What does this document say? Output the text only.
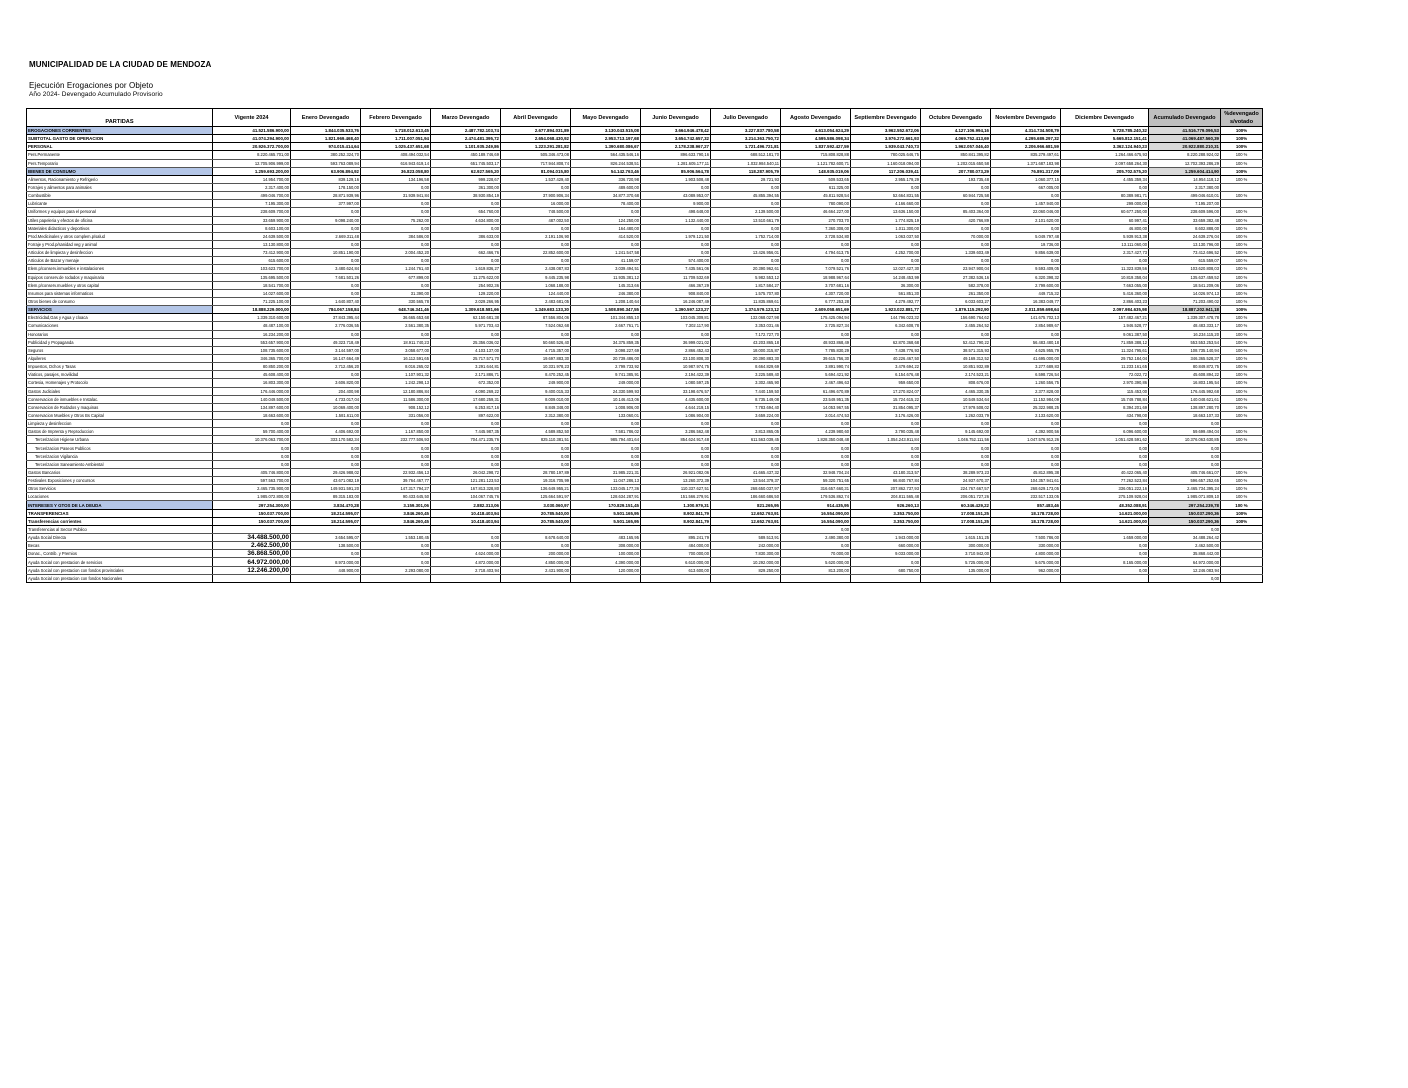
MUNICIPALIDAD DE LA CIUDAD DE MENDOZA
Ejecución Erogaciones por Objeto
Año 2024- Devengado Acumulado Provisorio
PARTIDAS	Vigente 2024	Enero Devengado	Febrero Devengado	Marzo Devengado	Abril Devengado	Mayo Devengado	Junio Devengado	Julio Devengado	Agosto Devengado	Septiembre Devengado	Octubre Devengado	Noviembre Devengado	Diciembre Devengado	Acumulado Devengado	%devengado s/votado
EROGACIONES CORRIENTES	41.521.586.900,00	1.844.035.533,76	1.718.012.613,45	2.487.782.103,74	2.677.894.031,89	3.130.043.515,08	3.664.946.478,42	3.227.837.780,58	4.613.054.624,29	3.962.552.672,06	4.127.106.994,16	4.314.734.508,79	5.728.785.240,32	41.516.779.096,53	100%
SUBTOTAL GASTO DE OPERACION	41.074.294.900,00	1.821.969.468,40	1.711.007.051,94	2.474.481.395,72	2.654.068.430,92	2.953.713.197,68	3.654.742.657,32	3.214.363.750,72	4.595.586.098,34	3.976.272.661,93	4.069.752.413,69	4.295.689.297,32	5.665.812.151,41	41.069.487.560,39	100%
PERSONAL	20.926.372.700,00	974.015.414,64	1.025.437.651,68	1.101.935.249,86	1.223.291.281,82	1.390.680.086,67	2.178.238.967,27	1.721.496.721,81	1.837.592.427,59	1.939.043.740,73	1.962.057.046,40	2.206.966.681,59	3.362.124.940,23	20.922.880.210,31	100%
Pers.Permanente	8.220.465.701,00	380.252.324,70	408.494.032,54	450.189.746,69	505.346.473,08	564.435.546,16	896.633.790,16	688.512.181,70	715.808.828,88	780.025.646,75	850.841.395,82	835.279.497,61	1.264.466.675,93	8.220.288.924,02	100 %
Pers.Temporario	12.705.906.999,00	593.763.089,94	616.943.619,14	651.745.503,17	717.944.808,74	826.244.538,51	1.281.605.177,11	1.032.984.540,11	1.121.782.600,71	1.160.018.094,00	1.202.015.650,58	1.371.687.183,98	2.097.658.264,30	12.702.393.286,29	100 %
BIENES DE CONSUMO	1.259.693.200,00	63.906.894,92	36.823.058,80	62.927.565,20	81.094.015,80	54.142.763,46	85.906.564,78	118.287.905,79	148.935.019,06	117.206.039,41	207.780.073,29	76.891.317,09	205.702.575,20	1.259.604.414,90	100%
Alimentos, Racionamiento y Refrigerio	14.954.700,00	839.129,16	134.196,58	999.228,67	1.537.429,40	336.720,98	1.903.508,48	29.721,93	509.533,65	2.955.179,29	193.735,48	1.060.377,15	4.455.359,34	14.954.118,12	100 %
Forrajes y alimentos para animales	2.317.400,00	178.150,00	0,00	361.300,00	0,00	489.600,00	0,00	0,00	611.325,00	0,00	0,00	667.005,00	0,00	2.317.380,00	
Combustible	499.046.700,00	28.871.939,96	31.939.941,84	38.930.854,19	37.900.906,34	34.877.370,68	43.089.953,07	45.855.394,55	45.811.928,54	52.664.831,55	60.944.725,58	0,00	80.389.981,71	499.046.610,01	100 %
Lubricante	7.195.300,00	377.997,00	0,00	0,00	16.000,00	78.400,00	9.900,00	0,00	780.090,00	4.166.660,00	0,00	1.457.940,00	299.000,00	7.195.207,00	
Uniformes y equipos para el personal	238.609.700,00	0,00	0,00	654.760,00	748.500,00	0,00	498.648,00	2.139.500,00	46.664.227,00	13.636.150,00	85.403.364,00	22.060.046,00	60.677.250,00	238.609.596,00	100 %
Utiles papeleria y efectos de oficina	33.659.900,00	9.098.240,00	75.262,00	4.634.800,00	487.002,50	124.250,00	1.132.440,00	13.510.661,79	270.703,70	1.774.825,19	420.766,89	2.101.620,00	60.997,41	33.659.382,48	100 %
Materiales didacticos y deportivos	8.603.100,00	0,00	0,00	0,00	0,00	164.480,00	0,00	0,00	7.360.308,00	1.011.300,00	0,00	0,00	46.800,00	8.602.888,00	100 %
Prod.Medicinales y otros complem.p/salud	24.639.500,00	2.669.311,48	384.586,00	386.633,00	2.191.106,90	414.520,00	1.979.121,50	1.752.714,00	2.728.534,80	1.063.037,50	70.000,00	5.049.797,48	5.939.913,38	24.639.276,04	100 %
Forraje y Prod.p/sanidad veg y animal	13.130.800,00	0,00	0,00	0,00	0,00	0,00	0,00	0,00	0,00	0,00	0,00	19.736,00	13.111.060,00	13.130.796,00	100 %
Articulos de limpieza y desinfeccion	73.412.900,00	10.851.190,00	2.004.452,20	662.466,76	22.852.600,00	1.241.547,58	0,00	13.426.956,01	4.794.613,75	4.252.700,00	1.339.603,49	9.856.639,00	2.317.427,73	73.412.696,52	100 %
Articulos de Bazar y menaje	615.600,00	0,00	0,00	0,00	0,00	41.159,07	574.400,00	0,00	0,00	0,00	0,00	0,00	0,00	615.559,07	100 %
Elem.p/conserv.inmuebles e instalaciones	103.623.700,00	3.480.624,84	1.244.761,40	1.619.836,27	2.438.087,83	3.039.494,51	7.435.561,06	20.390.962,61	7.079.521,76	12.027.427,30	23.947.900,04	9.593.409,05	11.323.839,56	103.620.808,03	100 %
Equipos conserv.de rodados y maquinaria	135.695.500,00	7.681.501,26	677.899,00	11.275.622,00	9.445.235,98	11.935.381,12	11.709.532,69	5.982.553,12	18.988.967,64	14.248.453,99	27.382.536,16	6.320.398,32	10.819.358,04	135.637.459,52	100 %
Elem.p/conserv.muebles y otros capital	18.541.700,00	0,00	0,00	254.902,36	1.068.188,00	145.313,66	466.367,29	1.817.584,27	3.707.681,16	36.300,00	582.378,00	2.799.600,00	7.663.055,00	18.541.209,06	100 %
Insumos para sistemas informaticos	14.027.600,00	0,00	31.390,00	129.220,00	124.440,00	246.380,00	908.840,00	1.575.707,80	4.307.720,00	561.851,30	261.350,00	449.715,32	5.416.360,00	14.026.974,13	100 %
Otros bienes de consumo	71.225.100,00	1.640.807,40	330.565,78	2.029.266,95	2.483.681,05	1.208.140,64	16.246.087,49	11.835.869,61	6.777.253,28	4.279.492,77	6.033.603,27	16.383.049,77	2.866.403,23	71.203.490,02	100 %
SERVICIOS	18.888.229.000,00	784.067.158,84	648.746.341,46	1.309.618.581,66	1.349.683.133,30	1.508.890.347,55	1.390.597.123,27	1.374.579.123,12	2.609.058.651,69	1.923.022.881,77	1.879.115.292,90	2.011.859.698,64	2.097.984.635,98	18.887.202.941,18	100%
Electricidad,Gas y Agua y cloaca	1.339.310.600,00	37.843.395,44	36.665.653,68	62.150.681,38	87.556.804,06	101.344.855,10	103.045.309,81	132.068.027,98	175.425.094,94	144.796.023,32	156.690.764,62	141.675.702,13	157.482.467,21	1.339.307.478,78	100 %
Comunicaciones	48.487.100,00	2.776.036,55	2.561.380,35	5.971.703,43	7.524.062,68	2.667.761,71	7.302.117,90	3.353.031,46	2.725.827,34	6.342.608,78	2.455.264,52	2.854.989,67	1.946.528,77	48.483.333,17	100 %
Honorarios	16.234.200,00	0,00	0,00	0,00	0,00	0,00	0,00	7.172.727,70	0,00	0,00	0,00	0,00	9.061.387,50	16.234.115,20	100 %
Publicidad y Propaganda	553.657.900,00	49.323.718,49	18.911.740,23	25.356.036,02	50.660.526,40	34.375.859,35	36.999.021,02	43.203.865,18	48.933.868,49	62.870.368,68	52.412.790,22	56.483.480,18	71.859.388,12	553.553.253,54	100 %
Seguros	108.735.600,00	3.144.597,00	3.058.677,00	4.103.137,00	4.715.357,00	3.098.227,69	2.866.452,43	18.000.315,87	7.785.830,29	7.438.776,93	38.571.315,93	4.625.955,79	11.324.795,61	108.735.140,94	100 %
Alquileres	346.365.700,00	16.147.664,49	16.112.591,65	25.717.571,70	19.697.883,30	20.739.486,00	23.100.808,30	20.390.883,30	39.615.756,30	40.226.467,50	49.169.312,52	41.695.000,00	29.752.184,04	346.365.528,37	100 %
Impuestos, Dchos y Tasas	80.850.200,00	2.712.456,20	8.016.265,02	3.291.644,81	10.331.978,23	2.799.733,92	10.987.974,75	8.664.829,69	3.891.990,74	3.479.694,22	10.851.932,89	3.277.689,83	11.233.161,65	80.849.872,75	100 %
Viaticos, pasajes, movilidad	45.608.400,00	0,00	1.107.901,32	2.171.886,71	8.470.252,45	9.741.385,91	2.194.422,39	3.225.589,40	5.694.421,92	6.154.676,48	2.174.523,21	6.598.726,54	72.022,72	45.608.894,22	100 %
Cortesia, Homenajes y Protocolo	16.803.300,00	3.606.820,00	1.242.298,13	672.352,00	249.900,00	249.000,00	1.080.597,25	3.302.465,90	2.467.496,63	959.650,00	808.676,00	1.260.556,75	2.970.390,86	16.803.195,54	100 %
Gastos Judiciales	176.446.000,00	204.400,98	12.180.886,84	4.090.269,22	9.400.015,33	24.330.599,93	33.198.676,57	7.440.159,50	61.496.670,89	17.270.824,07	4.465.330,35	2.377.828,00	115.453,00	176.445.992,68	100 %
Conservacion de inmuebles e Instalac.	140.049.500,00	4.733.017,04	11.586.300,00	17.680.259,31	8.009.010,00	10.146.413,06	4.435.600,00	8.735.149,08	23.549.951,35	15.724.615,22	10.549.534,64	11.152.984,09	15.749.788,84	140.048.621,61	100 %
Conservacion de Rodados y maquinas	134.897.600,00	10.069.400,00	908.152,12	6.253.817,16	8.849.348,00	1.008.906,00	4.644.219,15	7.783.694,40	14.053.967,55	31.854.095,37	17.979.508,02	25.322.988,25	8.394.201,69	138.897.280,70	100 %
Conservacion Muebles y Otros Bs Capital	18.663.600,00	1.581.611,00	331.056,00	897.622,00	2.312.380,00	133.060,01	1.086.904,00	3.659.224,00	2.014.474,53	3.176.426,00	1.262.033,79	2.133.620,00	434.798,00	18.663.107,33	100 %
Limpieza y desinfeccion	0,00	0,00	0,00	0,00	0,00	0,00	0,00	0,00	0,00	0,00	0,00	0,00	0,00	0,00	
Gastos de Imprenta y Reproduccion	59.700.400,00	4.406.692,00	1.167.850,00	7.445.987,35	4.589.852,50	7.581.786,02	3.286.562,48	3.813.865,05	4.239.980,60	3.790.035,48	9.145.692,00	4.392.900,56	6.096.600,00	59.699.494,04	100 %
Tercerizacion Higiene Urbana	10.376.063.700,00	333.170.582,34	232.777.506,93	704.471.235,76	825.110.381,51	985.794.401,64	854.624.917,48	611.563.039,45	1.828.350.048,48	1.054.243.911,84	1.046.752.111,56	1.047.576.912,26	1.051.428.591,62	10.376.063.630,85	100 %
Tercerizacion Paseos Publicos	0,00	0,00	0,00	0,00	0,00	0,00	0,00	0,00	0,00	0,00	0,00	0,00	0,00	0,00	
Tercerizacion Vigilancia	0,00	0,00	0,00	0,00	0,00	0,00	0,00	0,00	0,00	0,00	0,00	0,00	0,00	0,00	
Tercerizacion Saneamiento Ambiental	0,00	0,00	0,00	0,00	0,00	0,00	0,00	0,00	0,00	0,00	0,00	0,00	0,00	0,00	
Gastos Bancarios	405.746.800,00	29.426.988,02	22.932.456,13	26.042.298,72	28.780.197,89	31.985.221,31	26.921.082,06	41.665.437,32	32.948.704,24	43.180.313,57	38.289.973,23	45.812.895,38	40.422.065,40	405.746.661,07	100 %
Festivales Exposiciones y concursos	597.563.700,00	43.671.082,19	39.764.467,77	121.281.123,53	19.316.705,99	11.047.286,13	13.260.372,39	13.544.379,37	59.320.751,65	66.840.767,84	24.937.670,37	104.357.941,61	77.262.523,84	596.657.252,65	100 %
Otros Servicios	2.465.735.900,00	149.931.591,20	147.317.794,27	167.813.328,80	136.649.955,21	133.045.177,36	110.337.627,51	268.650.037,97	316.657.660,31	207.862.737,93	224.767.667,57	268.629.173,05	336.051.222,16	2.465.734.395,24	100 %
Locaciones	1.985.072.800,00	89.315.183,00	90.433.645,50	104.067.745,76	125.664.591,97	128.634.287,91	151.566.279,91	186.660.686,50	179.536.862,74	204.811.565,48	206.051.727,26	232.517.133,05	275.109.928,04	1.985.071.809,10	100 %
INTERESES Y GTOS DE LA DEUDA	297.254.300,00	3.834.470,28	3.159.301,06	2.882.313,06	3.030.060,97	170.829.151,45	1.300.979,31	821.265,95	914.435,95	926.260,13	60.346.429,22	857.483,46	48.352.088,91	297.254.239,78	100 %
TRANSFERENCIAS	150.037.700,00	18.214.595,07	3.846.260,45	10.418.403,94	20.785.540,00	5.501.165,95	8.902.841,79	12.652.763,91	16.554.090,00	3.353.750,00	17.008.151,25	18.178.728,00	14.621.000,00	150.037.290,36	100%
Transferencias corrientes	150.037.700,00	18.214.595,07	3.846.260,45	10.418.403,94	20.785.540,00	5.501.165,95	8.902.841,79	12.652.763,91	16.554.090,00	3.353.750,00	17.008.151,25	18.178.728,00	14.621.000,00	150.037.290,36	100%
Transferencias al Sector Publico									0,00					0,00	
Ayuda Social Directa	34.488.500,00	3.654.595,07	1.553.180,45	0,00	8.678.640,00	483.165,95	895.241,79	589.513,91	2.490.380,00	1.943.000,00	1.615.151,25	7.500.786,00	1.659.000,00	34.488.264,42	
Becas	2.462.500,00	138.500,00	0,00	0,00	0,00	308.000,00	484.000,00	242.000,00	0,00	660.000,00	300.000,00	330.000,00	0,00	2.462.500,00	
Donac., Contrib. y Premios	36.868.500,00	0,00	0,00	4.624.000,00	200.000,00	100.000,00	700.000,00	7.830.300,00	70.000,00	9.033.000,00	3.710.942,00	4.800.000,00	0,00	35.868.442,00	
Ayuda Social con prestacion de servicios	64.972.000,00	8.973.000,00	0,00	4.872.000,00	4.850.000,00	4.390.000,00	6.610.000,00	10.292.000,00	5.620.000,00	0,00	5.725.000,00	5.675.000,00	8.165.000,00	64.972.000,00	
Ayuda Social con prestacion con fondos provinciales	12.246.200,00	448.900,00	2.293.080,00	2.718.403,94	2.431.900,00	120.000,00	613.600,00	829.250,00	813.200,00	680.750,00	135.000,00	962.000,00	0,00	12.246.083,94	
Ayuda Social con prestacion con fondos Nacionales														0,00	
